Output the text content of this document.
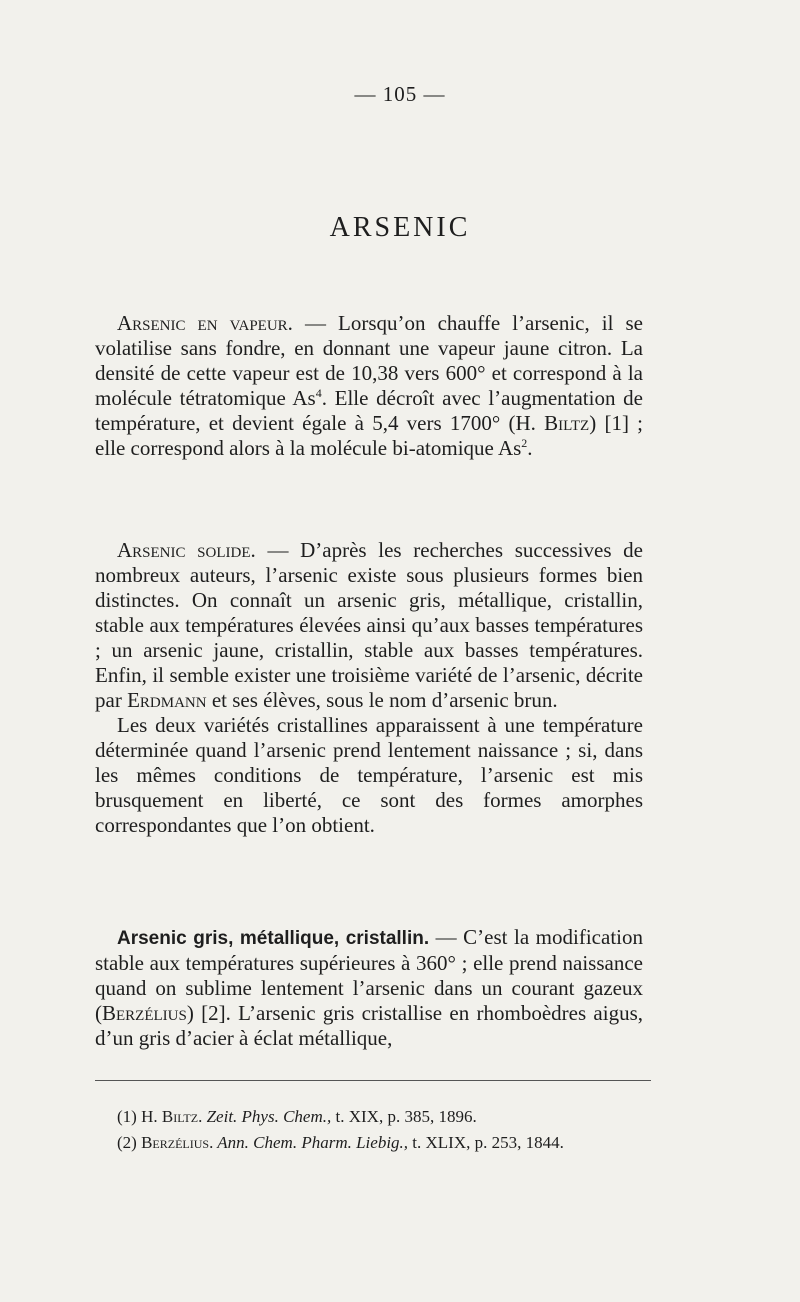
— 105 —
ARSENIC

Arsenic en vapeur. — Lorsqu’on chauffe l’arsenic, il se volatilise sans fondre, en donnant une vapeur jaune citron. La densité de cette vapeur est de 10,38 vers 600° et correspond à la molécule tétratomique As$^4$. Elle décroît avec l’augmentation de température, et devient égale à 5,4 vers 1700° (H. Biltz) [1] ; elle correspond alors à la molécule bi-atomique As$^2$.

Arsenic solide. — D’après les recherches successives de nombreux auteurs, l’arsenic existe sous plusieurs formes bien distinctes. On connaît un arsenic gris, métallique, cristallin, stable aux températures élevées ainsi qu’aux basses températures ; un arsenic jaune, cristallin, stable aux basses températures. Enfin, il semble exister une troisième variété de l’arsenic, décrite par Erdmann et ses élèves, sous le nom d’arsenic brun.

Les deux variétés cristallines apparaissent à une température déterminée quand l’arsenic prend lentement naissance ; si, dans les mêmes conditions de température, l’arsenic est mis brusquement en liberté, ce sont des formes amorphes correspondantes que l’on obtient.

Arsenic gris, métallique, cristallin. — C’est la modification stable aux températures supérieures à 360° ; elle prend naissance quand on sublime lentement l’arsenic dans un courant gazeux (Berzélius) [2]. L’arsenic gris cristallise en rhomboèdres aigus, d’un gris d’acier à éclat métallique,

(1) H. Biltz. Zeit. Phys. Chem., t. XIX, p. 385, 1896.
(2) Berzélius. Ann. Chem. Pharm. Liebig., t. XLIX, p. 253, 1844.
